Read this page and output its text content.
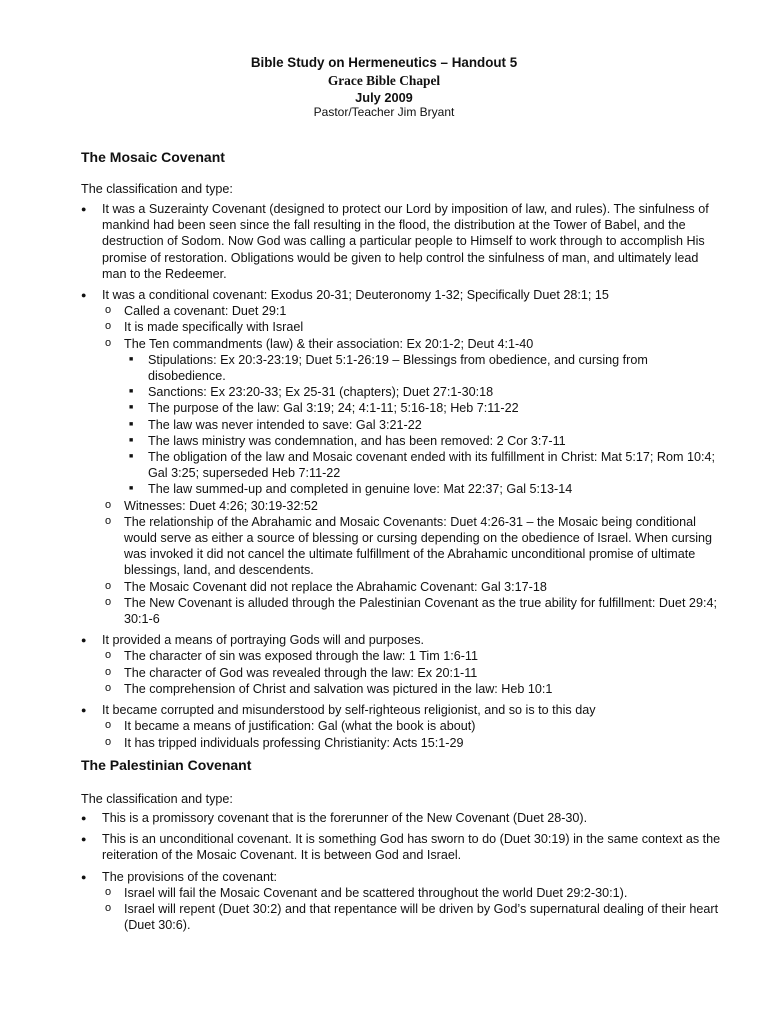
Bible Study on Hermeneutics – Handout 5
Grace Bible Chapel
July 2009
Pastor/Teacher Jim Bryant
The Mosaic Covenant
The classification and type:
● It was a Suzerainty Covenant (designed to protect our Lord by imposition of law, and rules). The sinfulness of mankind had been seen since the fall resulting in the flood, the distribution at the Tower of Babel, and the destruction of Sodom. Now God was calling a particular people to Himself to work through to accomplish His promise of restoration. Obligations would be given to help control the sinfulness of man, and ultimately lead man to the Redeemer.
● It was a conditional covenant: Exodus 20-31; Deuteronomy 1-32; Specifically Duet 28:1; 15
o Called a covenant: Duet 29:1
o It is made specifically with Israel
o The Ten commandments (law) & their association: Ex 20:1-2; Deut 4:1-40
■ Stipulations: Ex 20:3-23:19; Duet 5:1-26:19 – Blessings from obedience, and cursing from disobedience.
■ Sanctions: Ex 23:20-33; Ex 25-31 (chapters); Duet 27:1-30:18
■ The purpose of the law: Gal 3:19; 24; 4:1-11; 5:16-18; Heb 7:11-22
■ The law was never intended to save: Gal 3:21-22
■ The laws ministry was condemnation, and has been removed: 2 Cor 3:7-11
■ The obligation of the law and Mosaic covenant ended with its fulfillment in Christ: Mat 5:17; Rom 10:4; Gal 3:25; superseded Heb 7:11-22
■ The law summed-up and completed in genuine love: Mat 22:37; Gal 5:13-14
o Witnesses: Duet 4:26; 30:19-32:52
o The relationship of the Abrahamic and Mosaic Covenants: Duet 4:26-31 – the Mosaic being conditional would serve as either a source of blessing or cursing depending on the obedience of Israel. When cursing was invoked it did not cancel the ultimate fulfillment of the Abrahamic unconditional promise of ultimate blessings, land, and descendents.
o The Mosaic Covenant did not replace the Abrahamic Covenant: Gal 3:17-18
o The New Covenant is alluded through the Palestinian Covenant as the true ability for fulfillment: Duet 29:4; 30:1-6
● It provided a means of portraying Gods will and purposes.
o The character of sin was exposed through the law: 1 Tim 1:6-11
o The character of God was revealed through the law: Ex 20:1-11
o The comprehension of Christ and salvation was pictured in the law: Heb 10:1
● It became corrupted and misunderstood by self-righteous religionist, and so is to this day
o It became a means of justification: Gal (what the book is about)
o It has tripped individuals professing Christianity: Acts 15:1-29
The Palestinian Covenant
The classification and type:
● This is a promissory covenant that is the forerunner of the New Covenant (Duet 28-30).
● This is an unconditional covenant. It is something God has sworn to do (Duet 30:19) in the same context as the reiteration of the Mosaic Covenant. It is between God and Israel.
● The provisions of the covenant:
o Israel will fail the Mosaic Covenant and be scattered throughout the world Duet 29:2-30:1).
o Israel will repent (Duet 30:2) and that repentance will be driven by God’s supernatural dealing of their heart (Duet 30:6).
